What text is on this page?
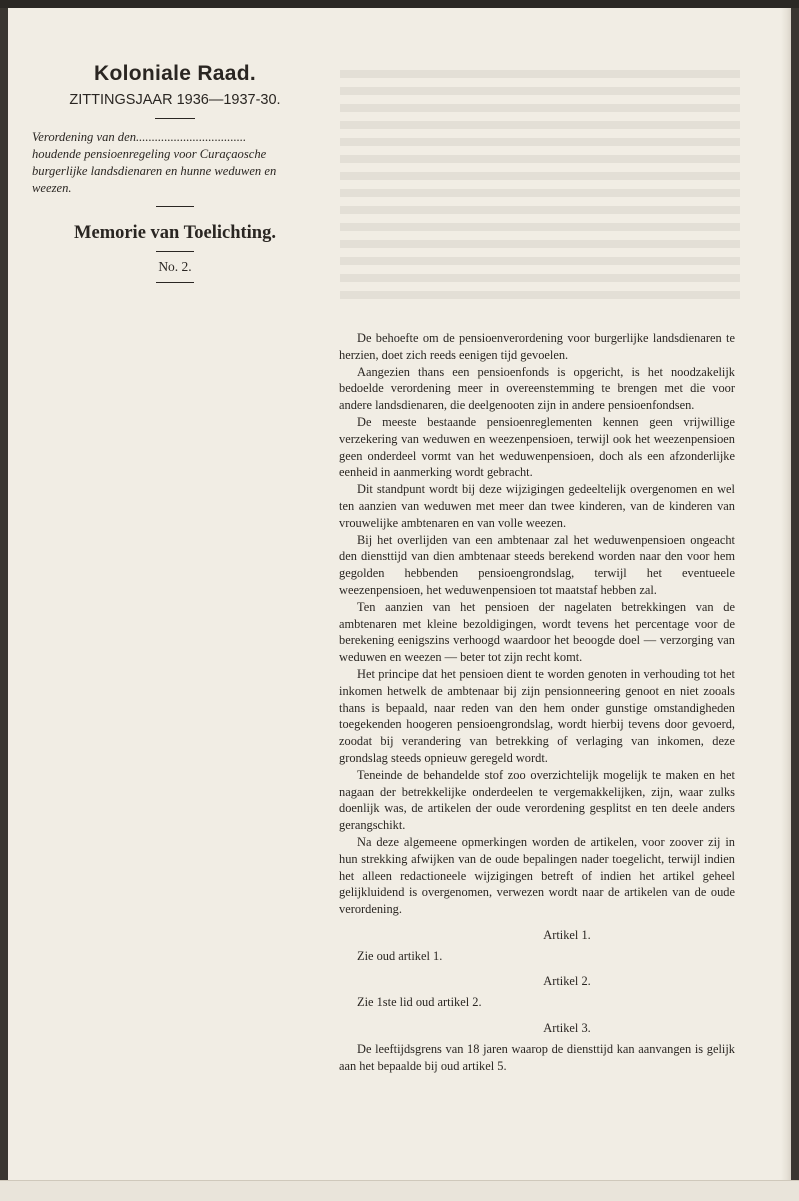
Koloniale Raad.

ZITTINGSJAAR 1936—1937-30.

Verordening van den................................... houdende pensioenregeling voor Curaçaosche burgerlijke landsdienaren en hunne weduwen en weezen.

Memorie van Toelichting.

No. 2.

De behoefte om de pensioenverordening voor burgerlijke landsdienaren te herzien, doet zich reeds eenigen tijd gevoelen.

Aangezien thans een pensioenfonds is opgericht, is het noodzakelijk bedoelde verordening meer in overeenstemming te brengen met die voor andere landsdienaren, die deelgenooten zijn in andere pensioenfondsen.

De meeste bestaande pensioenreglementen kennen geen vrijwillige verzekering van weduwen en weezenpensioen, terwijl ook het weezenpensioen geen onderdeel vormt van het weduwenpensioen, doch als een afzonderlijke eenheid in aanmerking wordt gebracht.

Dit standpunt wordt bij deze wijzigingen gedeeltelijk overgenomen en wel ten aanzien van weduwen met meer dan twee kinderen, van de kinderen van vrouwelijke ambtenaren en van volle weezen.

Bij het overlijden van een ambtenaar zal het weduwenpensioen ongeacht den diensttijd van dien ambtenaar steeds berekend worden naar den voor hem gegolden hebbenden pensioengrondslag, terwijl het eventueele weezenpensioen, het weduwenpensioen tot maatstaf hebben zal.

Ten aanzien van het pensioen der nagelaten betrekkingen van de ambtenaren met kleine bezoldigingen, wordt tevens het percentage voor de berekening eenigszins verhoogd waardoor het beoogde doel — verzorging van weduwen en weezen — beter tot zijn recht komt.

Het principe dat het pensioen dient te worden genoten in verhouding tot het inkomen hetwelk de ambtenaar bij zijn pensionneering genoot en niet zooals thans is bepaald, naar reden van den hem onder gunstige omstandigheden toegekenden hoogeren pensioengrondslag, wordt hierbij tevens door gevoerd, zoodat bij verandering van betrekking of verlaging van inkomen, deze grondslag steeds opnieuw geregeld wordt.

Teneinde de behandelde stof zoo overzichtelijk mogelijk te maken en het nagaan der betrekkelijke onderdeelen te vergemakkelijken, zijn, waar zulks doenlijk was, de artikelen der oude verordening gesplitst en ten deele anders gerangschikt.

Na deze algemeene opmerkingen worden de artikelen, voor zoover zij in hun strekking afwijken van de oude bepalingen nader toegelicht, terwijl indien het alleen redactioneele wijzigingen betreft of indien het artikel geheel gelijkluidend is overgenomen, verwezen wordt naar de artikelen van de oude verordening.

Artikel 1.

Zie oud artikel 1.

Artikel 2.

Zie 1ste lid oud artikel 2.

Artikel 3.

De leeftijdsgrens van 18 jaren waarop de diensttijd kan aanvangen is gelijk aan het bepaalde bij oud artikel 5.
